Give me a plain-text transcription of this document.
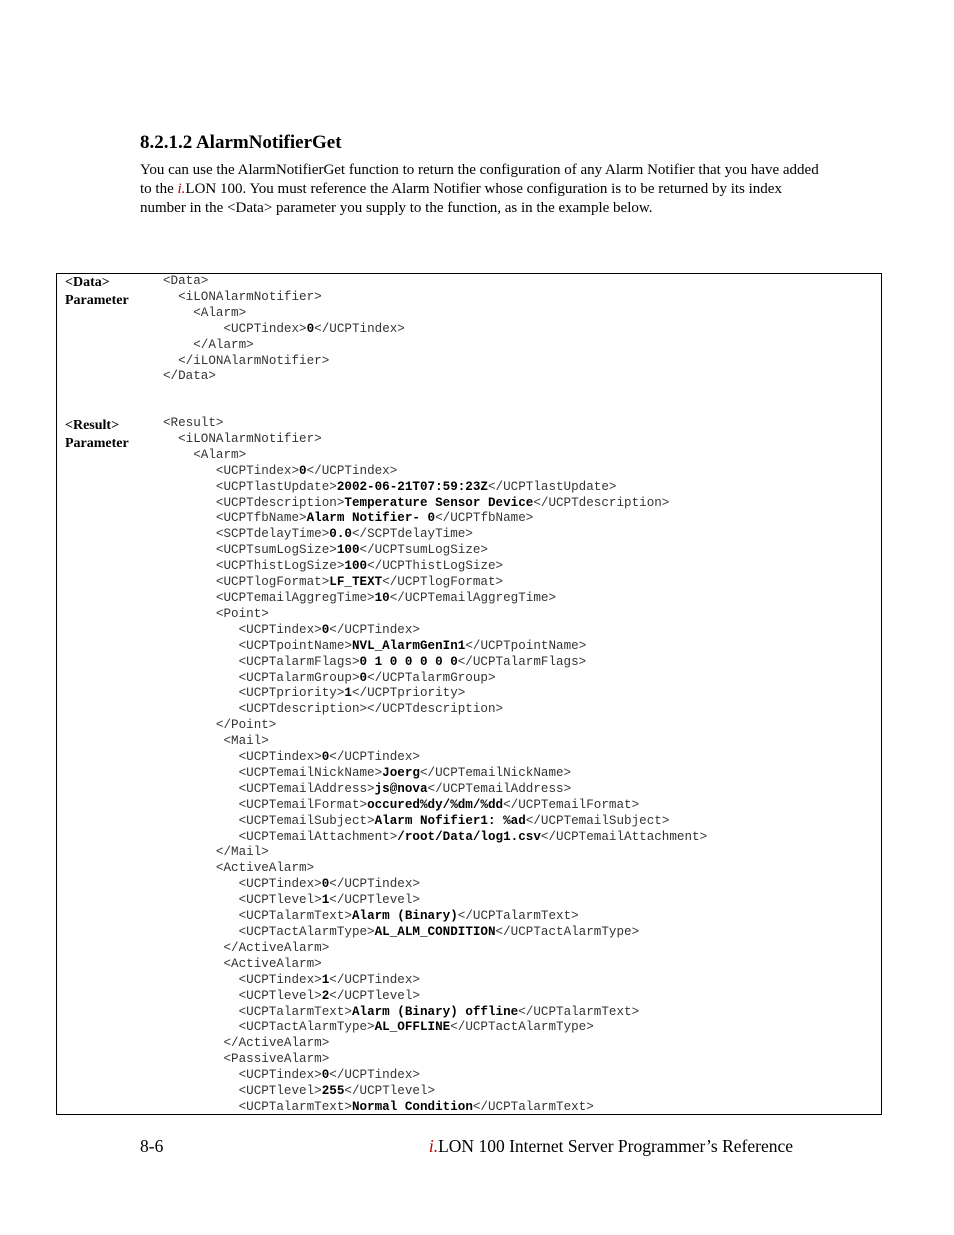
8.2.1.2 AlarmNotifierGet

You can use the AlarmNotifierGet function to return the configuration of any Alarm Notifier that you have added to the i.LON 100. You must reference the Alarm Notifier whose configuration is to be returned by its index number in the <Data> parameter you supply to the function, as in the example below.

<Data>
Parameter
<Data>
<iLONAlarmNotifier>
<Alarm>
<UCPTindex>0</UCPTindex>
</Alarm>
</iLONAlarmNotifier>
</Data>
<Result>
Parameter
<Result>
<iLONAlarmNotifier>
<Alarm>
<UCPTindex>0</UCPTindex>
<UCPTlastUpdate>2002-06-21T07:59:23Z</UCPTlastUpdate>
<UCPTdescription>Temperature Sensor Device</UCPTdescription>
<UCPTfbName>Alarm Notifier- 0</UCPTfbName>
<SCPTdelayTime>0.0</SCPTdelayTime>
<UCPTsumLogSize>100</UCPTsumLogSize>
<UCPThistLogSize>100</UCPThistLogSize>
<UCPTlogFormat>LF_TEXT</UCPTlogFormat>
<UCPTemailAggregTime>10</UCPTemailAggregTime>
<Point>
<UCPTindex>0</UCPTindex>
<UCPTpointName>NVL_AlarmGenIn1</UCPTpointName>
<UCPTalarmFlags>0 1 0 0 0 0 0</UCPTalarmFlags>
<UCPTalarmGroup>0</UCPTalarmGroup>
<UCPTpriority>1</UCPTpriority>
<UCPTdescription></UCPTdescription>
</Point>
<Mail>
<UCPTindex>0</UCPTindex>
<UCPTemailNickName>Joerg</UCPTemailNickName>
<UCPTemailAddress>js@nova</UCPTemailAddress>
<UCPTemailFormat>occured%dy/%dm/%dd</UCPTemailFormat>
<UCPTemailSubject>Alarm Nofifier1: %ad</UCPTemailSubject>
<UCPTemailAttachment>/root/Data/log1.csv</UCPTemailAttachment>
</Mail>
<ActiveAlarm>
<UCPTindex>0</UCPTindex>
<UCPTlevel>1</UCPTlevel>
<UCPTalarmText>Alarm (Binary)</UCPTalarmText>
<UCPTactAlarmType>AL_ALM_CONDITION</UCPTactAlarmType>
</ActiveAlarm>
<ActiveAlarm>
<UCPTindex>1</UCPTindex>
<UCPTlevel>2</UCPTlevel>
<UCPTalarmText>Alarm (Binary) offline</UCPTalarmText>
<UCPTactAlarmType>AL_OFFLINE</UCPTactAlarmType>
</ActiveAlarm>
<PassiveAlarm>
<UCPTindex>0</UCPTindex>
<UCPTlevel>255</UCPTlevel>
<UCPTalarmText>Normal Condition</UCPTalarmText>
8-6	i.LON 100 Internet Server Programmer’s Reference
